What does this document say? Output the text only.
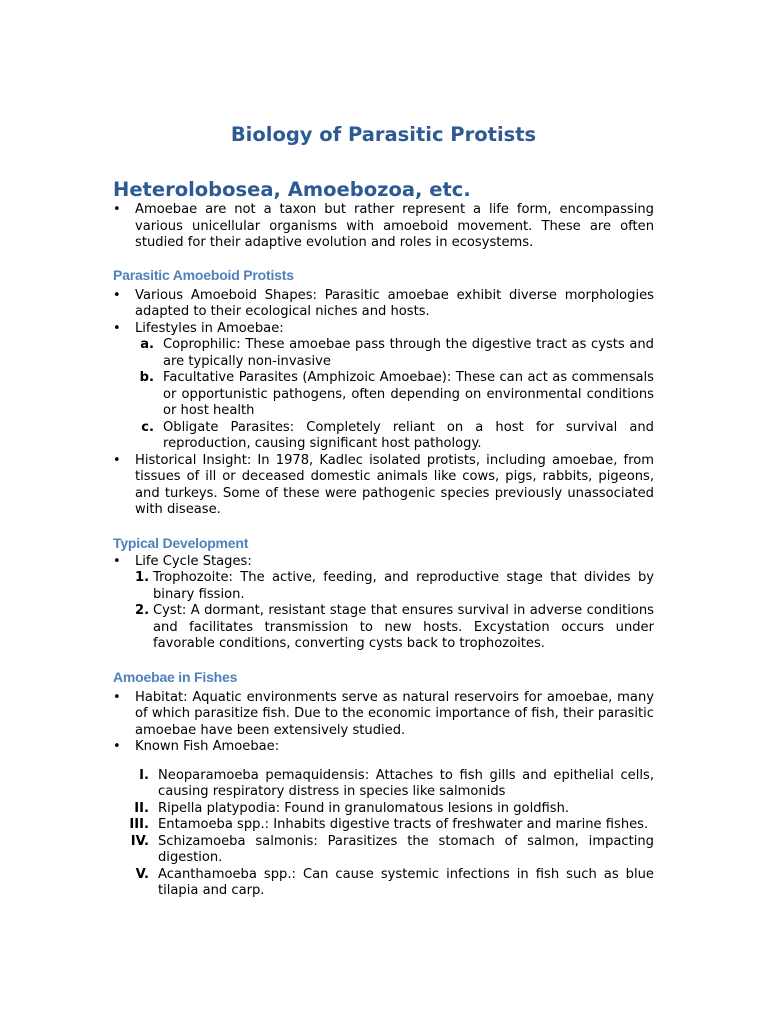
Biology of Parasitic Protists
Heterolobosea, Amoebozoa, etc.
• Amoebae are not a taxon but rather represent a life form, encompassing various unicellular organisms with amoeboid movement. These are often studied for their adaptive evolution and roles in ecosystems.
Parasitic Amoeboid Protists
• Various Amoeboid Shapes: Parasitic amoebae exhibit diverse morphologies adapted to their ecological niches and hosts.
• Lifestyles in Amoebae:
a. Coprophilic: These amoebae pass through the digestive tract as cysts and are typically non-invasive
b. Facultative Parasites (Amphizoic Amoebae): These can act as commensals or opportunistic pathogens, often depending on environmental conditions or host health
c. Obligate Parasites: Completely reliant on a host for survival and reproduction, causing significant host pathology.
• Historical Insight: In 1978, Kadlec isolated protists, including amoebae, from tissues of ill or deceased domestic animals like cows, pigs, rabbits, pigeons, and turkeys. Some of these were pathogenic species previously unassociated with disease.
Typical Development
• Life Cycle Stages:
1. Trophozoite: The active, feeding, and reproductive stage that divides by binary fission.
2. Cyst: A dormant, resistant stage that ensures survival in adverse conditions and facilitates transmission to new hosts. Excystation occurs under favorable conditions, converting cysts back to trophozoites.
Amoebae in Fishes
• Habitat: Aquatic environments serve as natural reservoirs for amoebae, many of which parasitize fish. Due to the economic importance of fish, their parasitic amoebae have been extensively studied.
• Known Fish Amoebae:
I. Neoparamoeba pemaquidensis: Attaches to fish gills and epithelial cells, causing respiratory distress in species like salmonids
II. Ripella platypodia: Found in granulomatous lesions in goldfish.
III. Entamoeba spp.: Inhabits digestive tracts of freshwater and marine fishes.
IV. Schizamoeba salmonis: Parasitizes the stomach of salmon, impacting digestion.
V. Acanthamoeba spp.: Can cause systemic infections in fish such as blue tilapia and carp.
